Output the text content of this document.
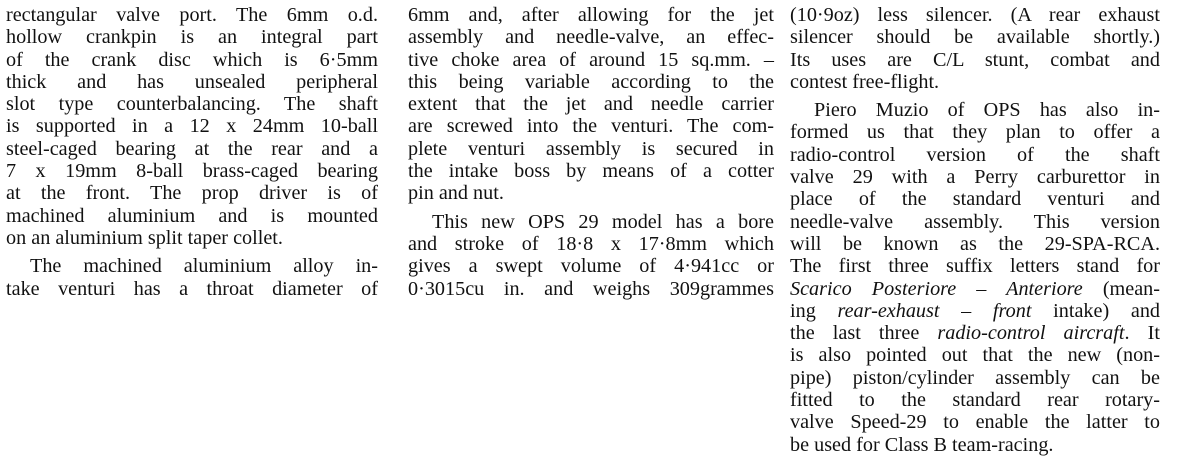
rectangular valve port. The 6mm o.d.
hollow crankpin is an integral part
of the crank disc which is 6·5mm
thick and has unsealed peripheral
slot type counterbalancing. The shaft
is supported in a 12 x 24mm 10-ball
steel-caged bearing at the rear and a
7 x 19mm 8-ball brass-caged bearing
at the front. The prop driver is of
machined aluminium and is mounted
on an aluminium split taper collet.
The machined aluminium alloy in-
take venturi has a throat diameter of
6mm and, after allowing for the jet
assembly and needle-valve, an effec-
tive choke area of around 15 sq.mm. –
this being variable according to the
extent that the jet and needle carrier
are screwed into the venturi. The com-
plete venturi assembly is secured in
the intake boss by means of a cotter
pin and nut.
This new OPS 29 model has a bore
and stroke of 18·8 x 17·8mm which
gives a swept volume of 4·941cc or
0·3015cu in. and weighs 309grammes
(10·9oz) less silencer. (A rear exhaust
silencer should be available shortly.)
Its uses are C/L stunt, combat and
contest free-flight.
Piero Muzio of OPS has also in-
formed us that they plan to offer a
radio-control version of the shaft
valve 29 with a Perry carburettor in
place of the standard venturi and
needle-valve assembly. This version
will be known as the 29-SPA-RCA.
The first three suffix letters stand for
Scarico Posteriore – Anteriore (mean-
ing rear-exhaust – front intake) and
the last three radio-control aircraft. It
is also pointed out that the new (non-
pipe) piston/cylinder assembly can be
fitted to the standard rear rotary-
valve Speed-29 to enable the latter to
be used for Class B team-racing.
